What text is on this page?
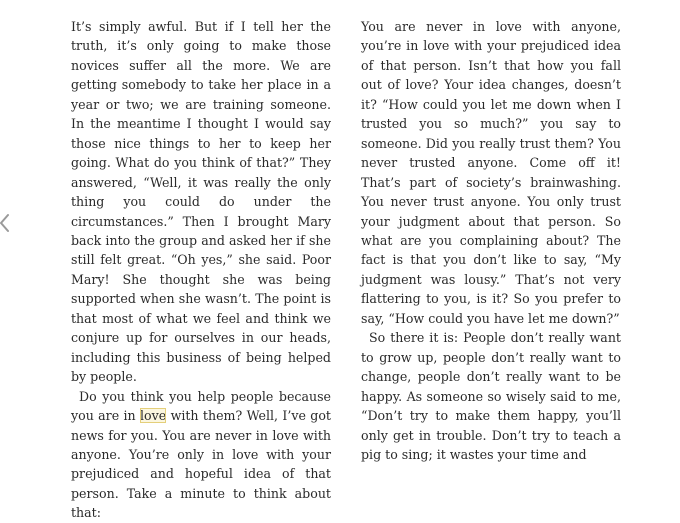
It’s simply awful. But if I tell her the truth, it’s only going to make those novices suffer all the more. We are getting somebody to take her place in a year or two; we are training someone. In the meantime I thought I would say those nice things to her to keep her going. What do you think of that?” They answered, “Well, it was really the only thing you could do under the circumstances.” Then I brought Mary back into the group and asked her if she still felt great. “Oh yes,” she said. Poor Mary! She thought she was being supported when she wasn’t. The point is that most of what we feel and think we conjure up for ourselves in our heads, including this business of being helped by people.

Do you think you help people because you are in love with them? Well, I’ve got news for you. You are never in love with anyone. You’re only in love with your prejudiced and hopeful idea of that person. Take a minute to think about that:

You are never in love with anyone, you’re in love with your prejudiced idea of that person. Isn’t that how you fall out of love? Your idea changes, doesn’t it? “How could you let me down when I trusted you so much?” you say to someone. Did you really trust them? You never trusted anyone. Come off it! That’s part of society’s brainwashing. You never trust anyone. You only trust your judgment about that person. So what are you complaining about? The fact is that you don’t like to say, “My judgment was lousy.” That’s not very flattering to you, is it? So you prefer to say, “How could you have let me down?”

So there it is: People don’t really want to grow up, people don’t really want to change, people don’t really want to be happy. As someone so wisely said to me, “Don’t try to make them happy, you’ll only get in trouble. Don’t try to teach a pig to sing; it wastes your time and
